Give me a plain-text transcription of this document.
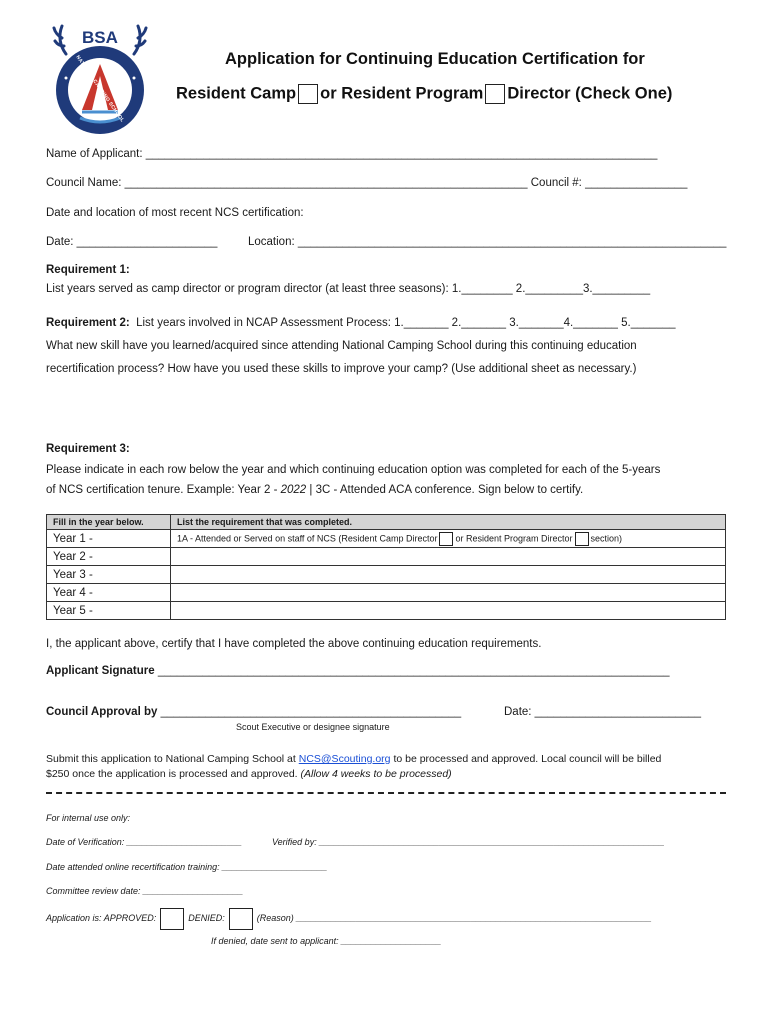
BSA
NATIONAL CAMPING SCHOOL	Application for Continuing Education Certification for
Resident Camp or Resident Program Director (Check One)
Name of Applicant: ________________________________________________________________________________
Council Name: _______________________________________________________________ Council #: ________________
Date and location of most recent NCS certification:
Date: ______________________	Location: ___________________________________________________________________
Requirement 1:
List years served as camp director or program director (at least three seasons): 1.________ 2._________3._________
Requirement 2: List years involved in NCAP Assessment Process: 1._______ 2._______ 3._______4._______ 5._______
What new skill have you learned/acquired since attending National Camping School during this continuing education
recertification process? How have you used these skills to improve your camp? (Use additional sheet as necessary.)
Requirement 3:
Please indicate in each row below the year and which continuing education option was completed for each of the 5-years
of NCS certification tenure. Example: Year 2 - 2022 | 3C - Attended ACA conference. Sign below to certify.
Fill in the year below.	List the requirement that was completed.
Year 1 -	1A - Attended or Served on staff of NCS (Resident Camp Director or Resident Program Director section)
Year 2 -	
Year 3 -	
Year 4 -	
Year 5 -	
I, the applicant above, certify that I have completed the above continuing education requirements.
Applicant Signature ________________________________________________________________________________
Council Approval by _______________________________________________	Date: __________________________
Scout Executive or designee signature
Submit this application to National Camping School at NCS@Scouting.org to be processed and approved. Local council will be billed
$250 once the application is processed and approved. (Allow 4 weeks to be processed)
For internal use only:
Date of Verification: _______________________	Verified by: _____________________________________________________________________
Date attended online recertification training: _____________________
Committee review date: ____________________
Application is: APPROVED:	DENIED:	(Reason) _______________________________________________________________________
If denied, date sent to applicant: ____________________
